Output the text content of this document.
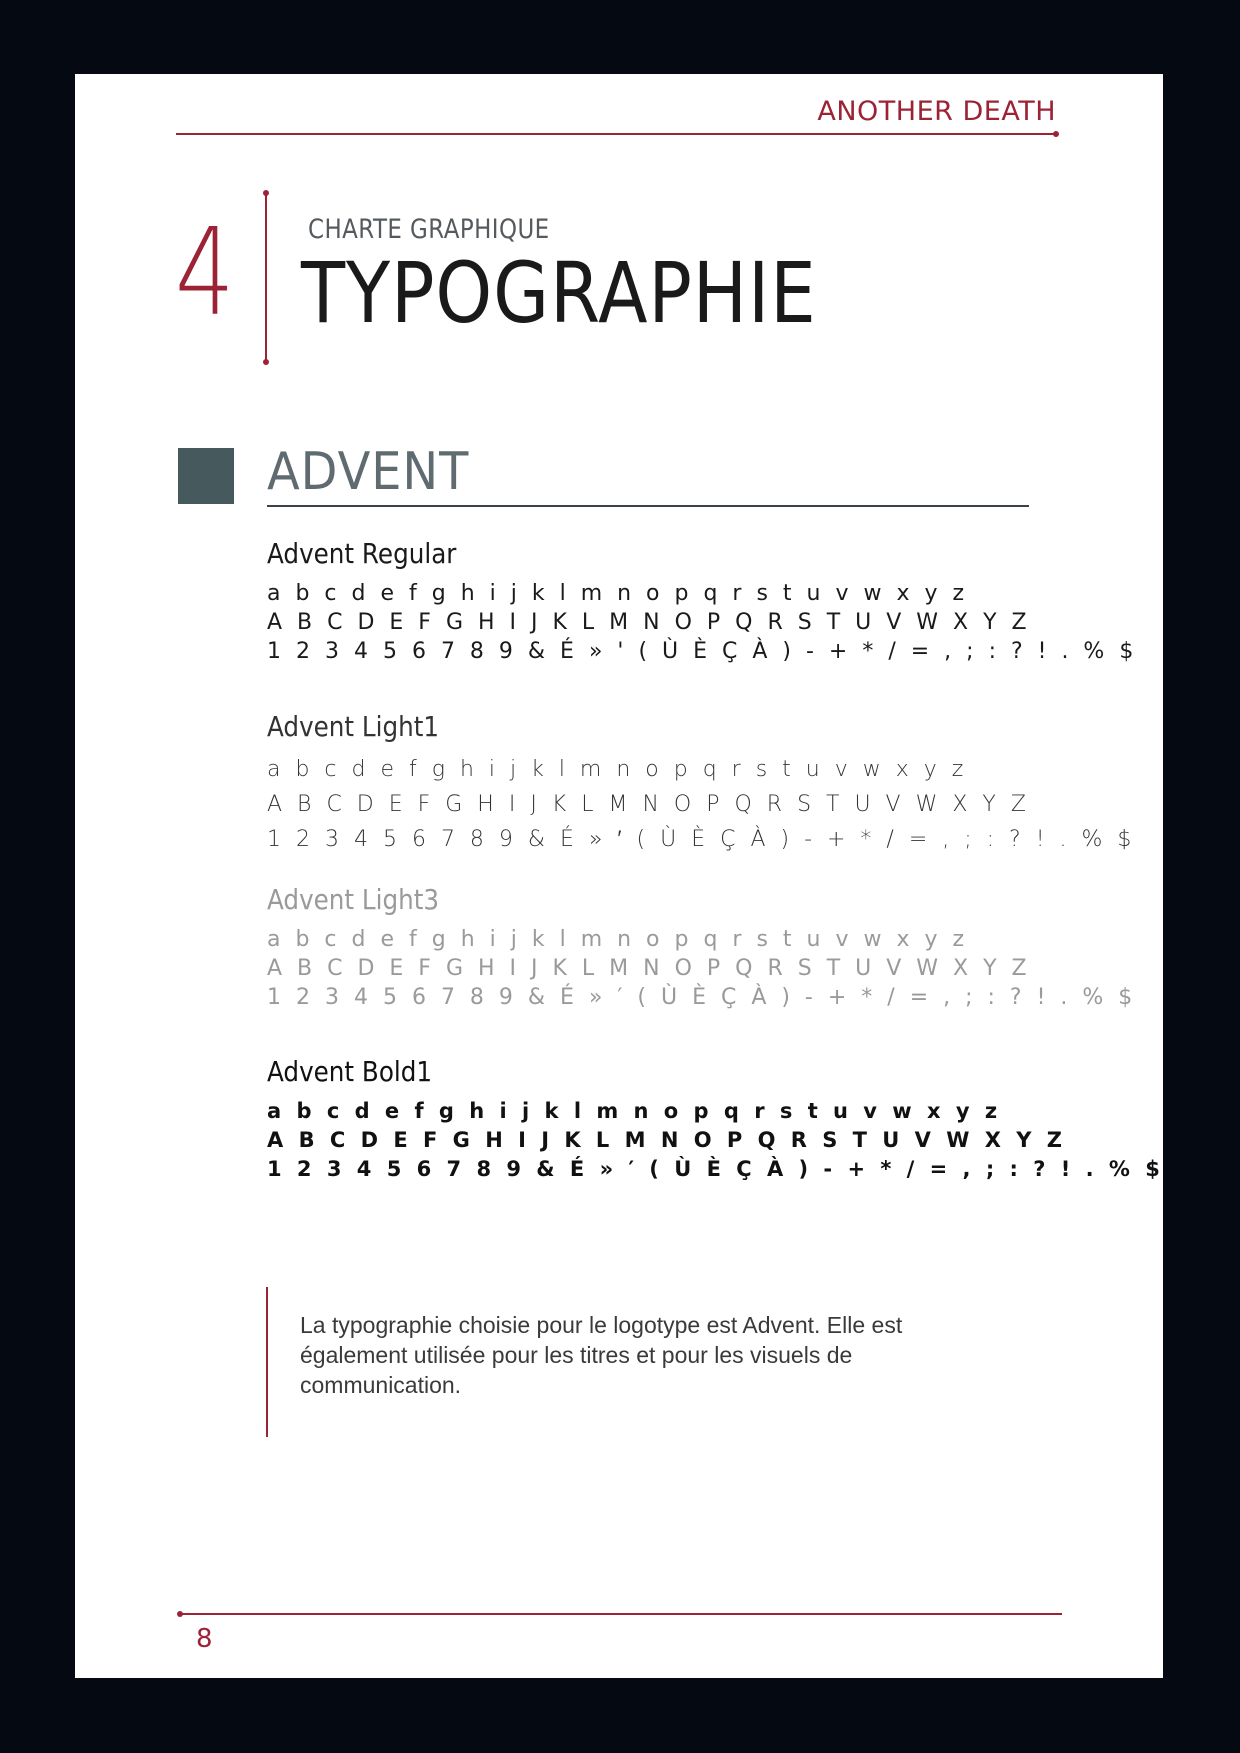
ANOTHER DEATH
4	CHARTE GRAPHIQUE
TYPOGRAPHIE
ADVENT
Advent Regular
a b c d e f g h i j k l m n o p q r s t u v w x y z
A B C D E F G H I J K L M N O P Q R S T U V W X Y Z
1 2 3 4 5 6 7 8 9 & É » ' ( Ù È Ç À ) - + * / = , ; : ? ! . % $
Advent Light1
a b c d e f g h i j k l m n o p q r s t u v w x y z
A B C D E F G H I J K L M N O P Q R S T U V W X Y Z
1 2 3 4 5 6 7 8 9 & É » ′ ( Ù È Ç À ) - + * / = , ; : ? ! . % $
Advent Light3
a b c d e f g h i j k l m n o p q r s t u v w x y z
A B C D E F G H I J K L M N O P Q R S T U V W X Y Z
1 2 3 4 5 6 7 8 9 & É » ′ ( Ù È Ç À ) - + * / = , ; : ? ! . % $
Advent Bold1
a b c d e f g h i j k l m n o p q r s t u v w x y z
A B C D E F G H I J K L M N O P Q R S T U V W X Y Z
1 2 3 4 5 6 7 8 9 & É » ′ ( Ù È Ç À ) - + * / = , ; : ? ! . % $
La typographie choisie pour le logotype est Advent. Elle est également utilisée pour les titres et pour les visuels de communication.
8
